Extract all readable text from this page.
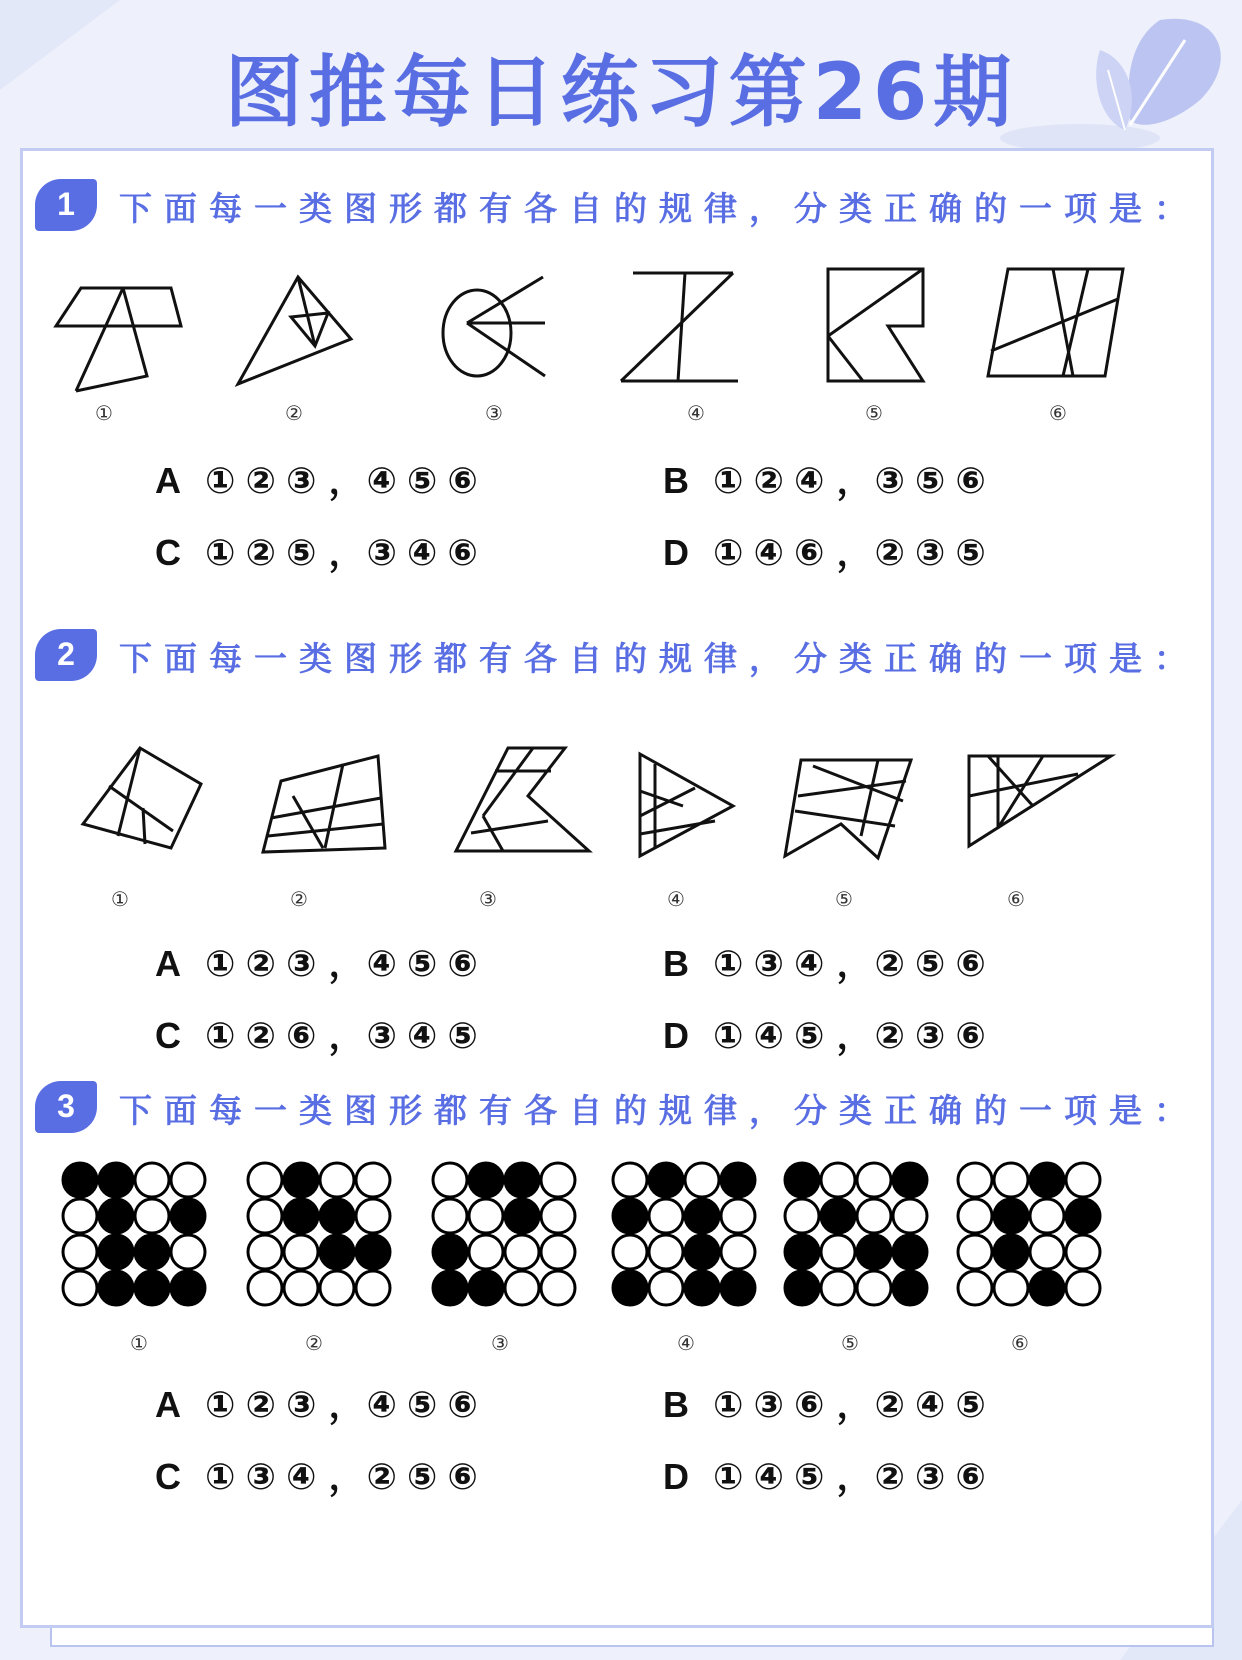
图推每日练习第26期
1	下面每一类图形都有各自的规律，分类正确的一项是：
①	②	③	④	⑤	⑥
A ①②③，④⑤⑥	B ①②④，③⑤⑥
C ①②⑤，③④⑥	D ①④⑥，②③⑤
2	下面每一类图形都有各自的规律，分类正确的一项是：
①	②	③	④	⑤	⑥
A ①②③，④⑤⑥	B ①③④，②⑤⑥
C ①②⑥，③④⑤	D ①④⑤，②③⑥
3	下面每一类图形都有各自的规律，分类正确的一项是：
①	②	③	④	⑤	⑥
A ①②③，④⑤⑥	B ①③⑥，②④⑤
C ①③④，②⑤⑥	D ①④⑤，②③⑥
